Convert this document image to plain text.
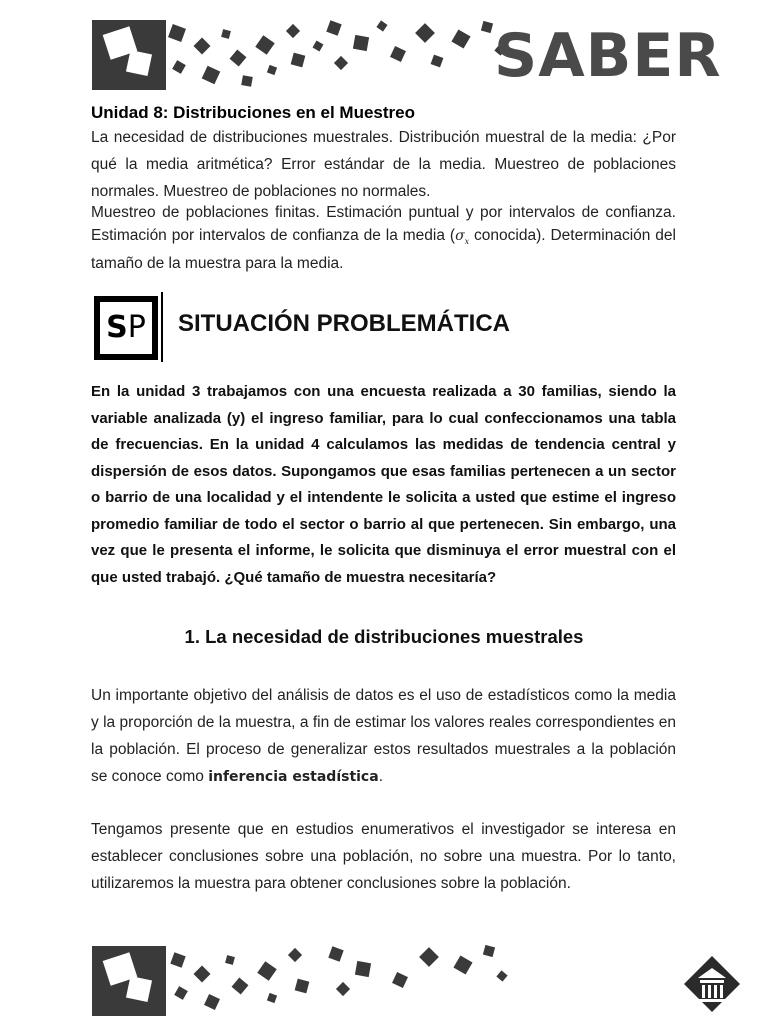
SABER
Unidad 8: Distribuciones en el Muestreo

La necesidad de distribuciones muestrales. Distribución muestral de la media: ¿Por qué la media aritmética? Error estándar de la media. Muestreo de poblaciones normales. Muestreo de poblaciones no normales.

Muestreo de poblaciones finitas. Estimación puntual y por intervalos de confianza. Estimación por intervalos de confianza de la media ($\sigma_x$ conocida). Determinación del tamaño de la muestra para la media.

SP	SITUACIÓN PROBLEMÁTICA

En la unidad 3 trabajamos con una encuesta realizada a 30 familias, siendo la variable analizada (y) el ingreso familiar, para lo cual confeccionamos una tabla de frecuencias. En la unidad 4 calculamos las medidas de tendencia central y dispersión de esos datos. Supongamos que esas familias pertenecen a un sector o barrio de una localidad y el intendente le solicita a usted que estime el ingreso promedio familiar de todo el sector o barrio al que pertenecen. Sin embargo, una vez que le presenta el informe, le solicita que disminuya el error muestral con el que usted trabajó. ¿Qué tamaño de muestra necesitaría?

1. La necesidad de distribuciones muestrales

Un importante objetivo del análisis de datos es el uso de estadísticos como la media y la proporción de la muestra, a fin de estimar los valores reales correspondientes en la población. El proceso de generalizar estos resultados muestrales a la población se conoce como inferencia estadística.

Tengamos presente que en estudios enumerativos el investigador se interesa en establecer conclusiones sobre una población, no sobre una muestra. Por lo tanto, utilizaremos la muestra para obtener conclusiones sobre la población.
